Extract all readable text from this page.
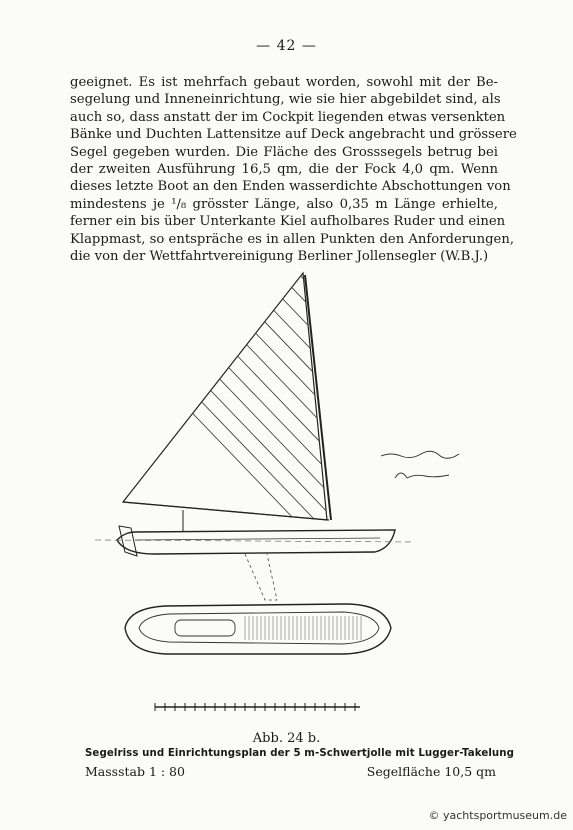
— 42 —
geeignet. Es ist mehrfach gebaut worden, sowohl mit der Be-
segelung und Inneneinrichtung, wie sie hier abgebildet sind, als
auch so, dass anstatt der im Cockpit liegenden etwas versenkten
Bänke und Duchten Lattensitze auf Deck angebracht und grössere
Segel gegeben wurden. Die Fläche des Grosssegels betrug bei
der zweiten Ausführung 16,5 qm, die der Fock 4,0 qm. Wenn
dieses letzte Boot an den Enden wasserdichte Abschottungen von
mindestens je ¹/₈ grösster Länge, also 0,35 m Länge erhielte,
ferner ein bis über Unterkante Kiel aufholbares Ruder und einen
Klappmast, so entspräche es in allen Punkten den Anforderungen,
die von der Wettfahrtvereinigung Berliner Jollensegler (W.B.J.)
Abb. 24 b.
Segelriss und Einrichtungsplan der 5 m-Schwertjolle mit Lugger-Takelung
Massstab 1 : 80	Segelfläche 10,5 qm
© yachtsportmuseum.de
